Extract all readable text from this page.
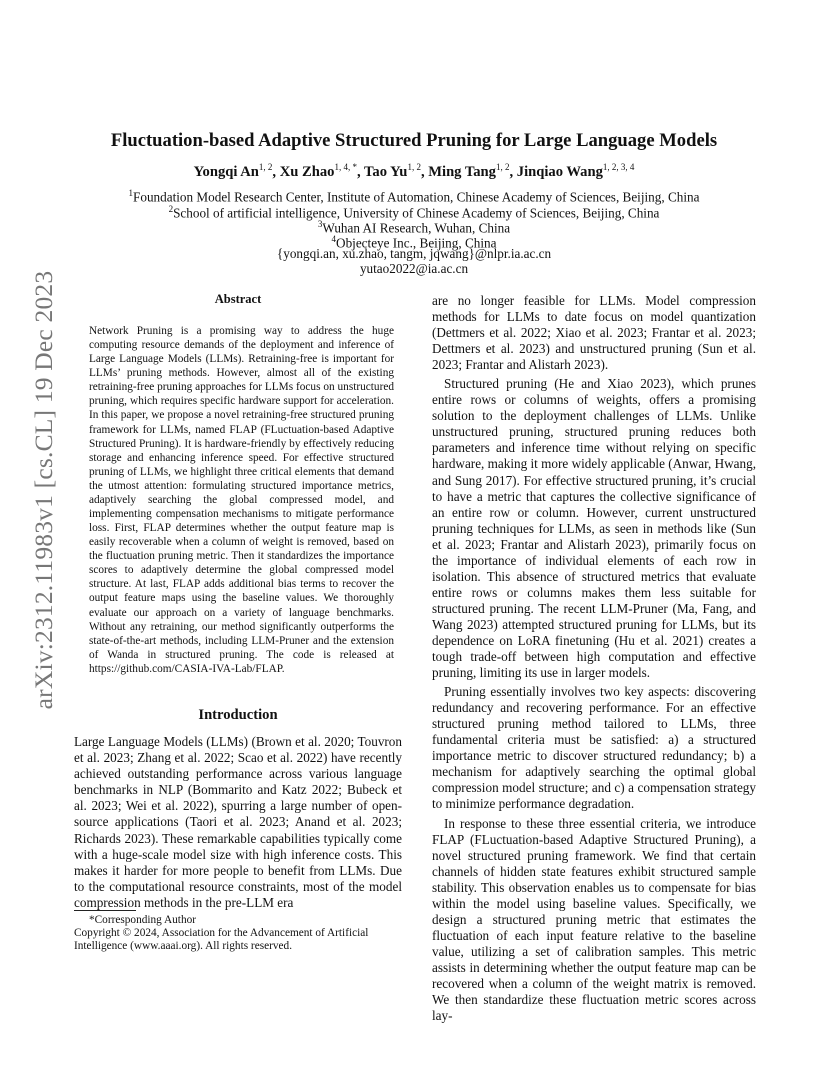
arXiv:2312.11983v1 [cs.CL] 19 Dec 2023
Fluctuation-based Adaptive Structured Pruning for Large Language Models
Yongqi An$^{1, 2}$, Xu Zhao$^{1, 4, *}$, Tao Yu$^{1, 2}$, Ming Tang$^{1, 2}$, Jinqiao Wang$^{1, 2, 3, 4}$
$^1$Foundation Model Research Center, Institute of Automation, Chinese Academy of Sciences, Beijing, China
$^2$School of artificial intelligence, University of Chinese Academy of Sciences, Beijing, China
$^3$Wuhan AI Research, Wuhan, China
$^4$Objecteye Inc., Beijing, China
{yongqi.an, xu.zhao, tangm, jqwang}@nlpr.ia.ac.cn
yutao2022@ia.ac.cn
Abstract

Network Pruning is a promising way to address the huge computing resource demands of the deployment and inference of Large Language Models (LLMs). Retraining-free is important for LLMs’ pruning methods. However, almost all of the existing retraining-free pruning approaches for LLMs focus on unstructured pruning, which requires specific hardware support for acceleration. In this paper, we propose a novel retraining-free structured pruning framework for LLMs, named FLAP (FLuctuation-based Adaptive Structured Pruning). It is hardware-friendly by effectively reducing storage and enhancing inference speed. For effective structured pruning of LLMs, we highlight three critical elements that demand the utmost attention: formulating structured importance metrics, adaptively searching the global compressed model, and implementing compensation mechanisms to mitigate performance loss. First, FLAP determines whether the output feature map is easily recoverable when a column of weight is removed, based on the fluctuation pruning metric. Then it standardizes the importance scores to adaptively determine the global compressed model structure. At last, FLAP adds additional bias terms to recover the output feature maps using the baseline values. We thoroughly evaluate our approach on a variety of language benchmarks. Without any retraining, our method significantly outperforms the state-of-the-art methods, including LLM-Pruner and the extension of Wanda in structured pruning. The code is released at https://github.com/CASIA-IVA-Lab/FLAP.

Introduction

Large Language Models (LLMs) (Brown et al. 2020; Touvron et al. 2023; Zhang et al. 2022; Scao et al. 2022) have recently achieved outstanding performance across various language benchmarks in NLP (Bommarito and Katz 2022; Bubeck et al. 2023; Wei et al. 2022), spurring a large number of open-source applications (Taori et al. 2023; Anand et al. 2023; Richards 2023). These remarkable capabilities typically come with a huge-scale model size with high inference costs. This makes it harder for more people to benefit from LLMs. Due to the computational resource constraints, most of the model compression methods in the pre-LLM era

*Corresponding Author
Copyright © 2024, Association for the Advancement of Artificial Intelligence (www.aaai.org). All rights reserved.

are no longer feasible for LLMs. Model compression methods for LLMs to date focus on model quantization (Dettmers et al. 2022; Xiao et al. 2023; Frantar et al. 2023; Dettmers et al. 2023) and unstructured pruning (Sun et al. 2023; Frantar and Alistarh 2023).

Structured pruning (He and Xiao 2023), which prunes entire rows or columns of weights, offers a promising solution to the deployment challenges of LLMs. Unlike unstructured pruning, structured pruning reduces both parameters and inference time without relying on specific hardware, making it more widely applicable (Anwar, Hwang, and Sung 2017). For effective structured pruning, it’s crucial to have a metric that captures the collective significance of an entire row or column. However, current unstructured pruning techniques for LLMs, as seen in methods like (Sun et al. 2023; Frantar and Alistarh 2023), primarily focus on the importance of individual elements of each row in isolation. This absence of structured metrics that evaluate entire rows or columns makes them less suitable for structured pruning. The recent LLM-Pruner (Ma, Fang, and Wang 2023) attempted structured pruning for LLMs, but its dependence on LoRA finetuning (Hu et al. 2021) creates a tough trade-off between high computation and effective pruning, limiting its use in larger models.

Pruning essentially involves two key aspects: discovering redundancy and recovering performance. For an effective structured pruning method tailored to LLMs, three fundamental criteria must be satisfied: a) a structured importance metric to discover structured redundancy; b) a mechanism for adaptively searching the optimal global compression model structure; and c) a compensation strategy to minimize performance degradation.

In response to these three essential criteria, we introduce FLAP (FLuctuation-based Adaptive Structured Pruning), a novel structured pruning framework. We find that certain channels of hidden state features exhibit structured sample stability. This observation enables us to compensate for bias within the model using baseline values. Specifically, we design a structured pruning metric that estimates the fluctuation of each input feature relative to the baseline value, utilizing a set of calibration samples. This metric assists in determining whether the output feature map can be recovered when a column of the weight matrix is removed. We then standardize these fluctuation metric scores across lay-
